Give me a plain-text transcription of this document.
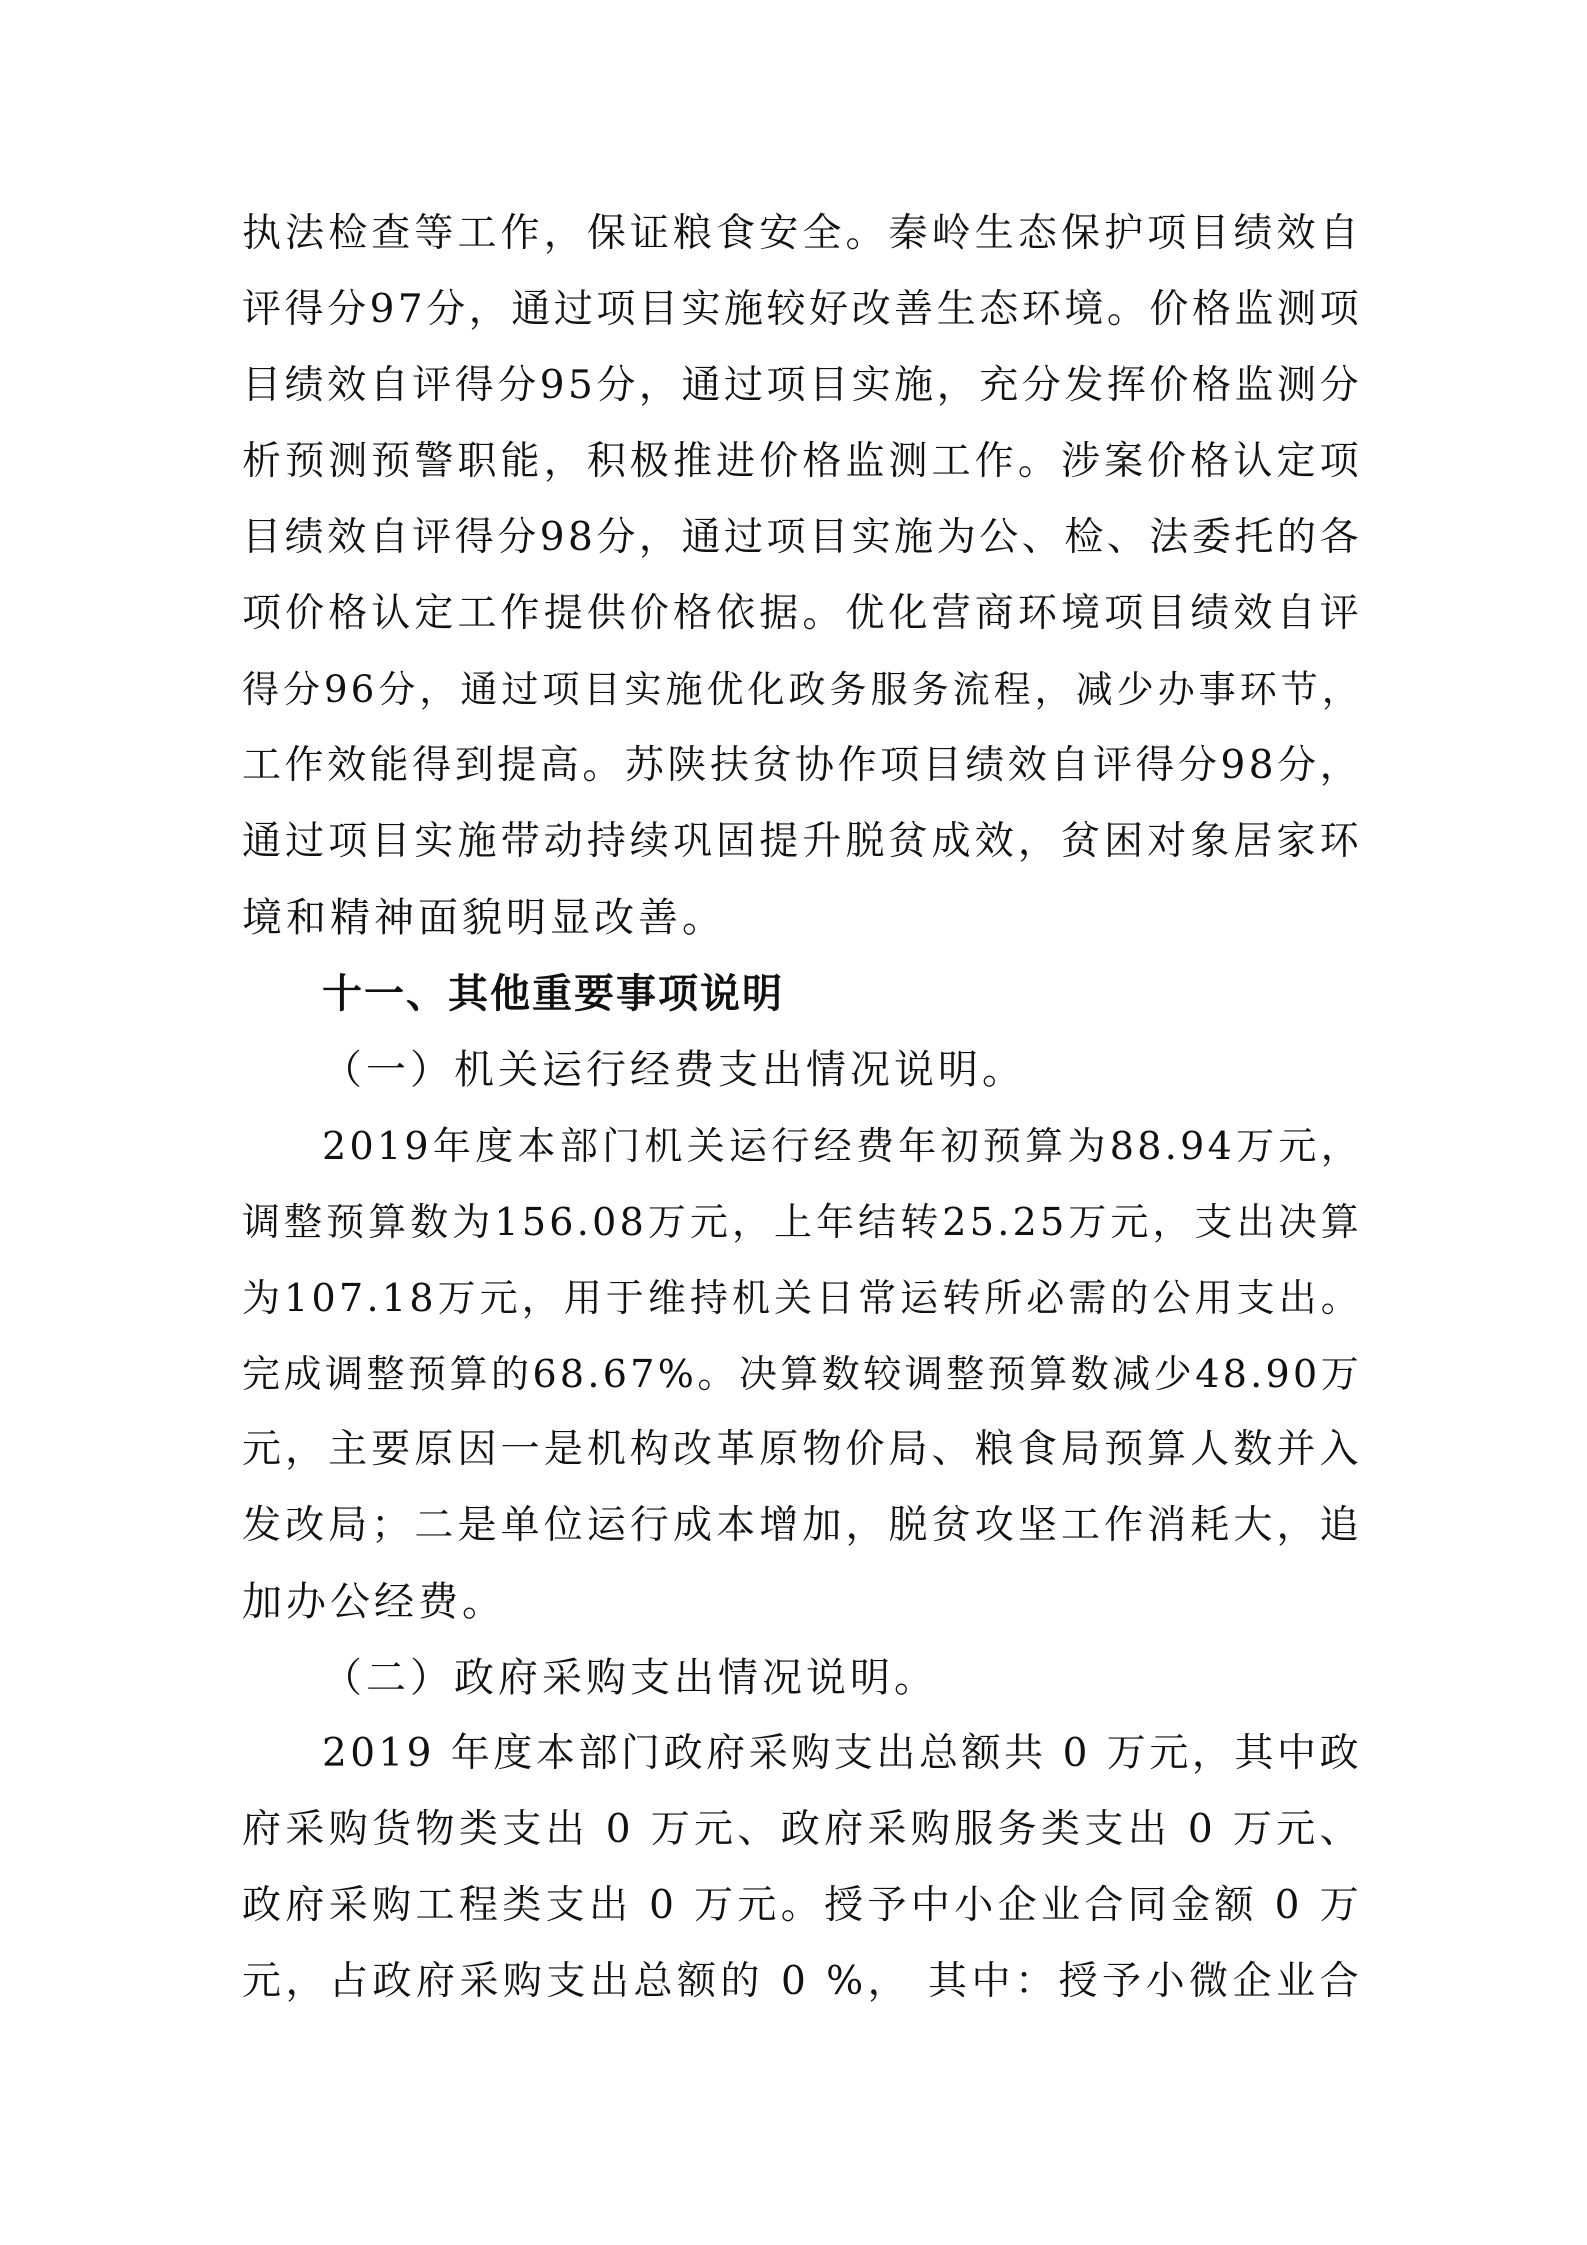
执法检查等工作，保证粮食安全。秦岭生态保护项目绩效自
评得分97分，通过项目实施较好改善生态环境。价格监测项
目绩效自评得分95分，通过项目实施，充分发挥价格监测分
析预测预警职能，积极推进价格监测工作。涉案价格认定项
目绩效自评得分98分，通过项目实施为公、检、法委托的各
项价格认定工作提供价格依据。优化营商环境项目绩效自评
得分96分，通过项目实施优化政务服务流程，减少办事环节，
工作效能得到提高。苏陕扶贫协作项目绩效自评得分98分，
通过项目实施带动持续巩固提升脱贫成效，贫困对象居家环
境和精神面貌明显改善。
十一、其他重要事项说明
（一）机关运行经费支出情况说明。
2019年度本部门机关运行经费年初预算为88.94万元，
调整预算数为156.08万元，上年结转25.25万元，支出决算
为107.18万元，用于维持机关日常运转所必需的公用支出。
完成调整预算的68.67%。决算数较调整预算数减少48.90万
元，主要原因一是机构改革原物价局、粮食局预算人数并入
发改局；二是单位运行成本增加，脱贫攻坚工作消耗大，追
加办公经费。
（二）政府采购支出情况说明。
2019 年度本部门政府采购支出总额共 0 万元，其中政
府采购货物类支出 0 万元、政府采购服务类支出 0 万元、
政府采购工程类支出 0 万元。授予中小企业合同金额 0 万
元，占政府采购支出总额的 0 %， 其中：授予小微企业合
